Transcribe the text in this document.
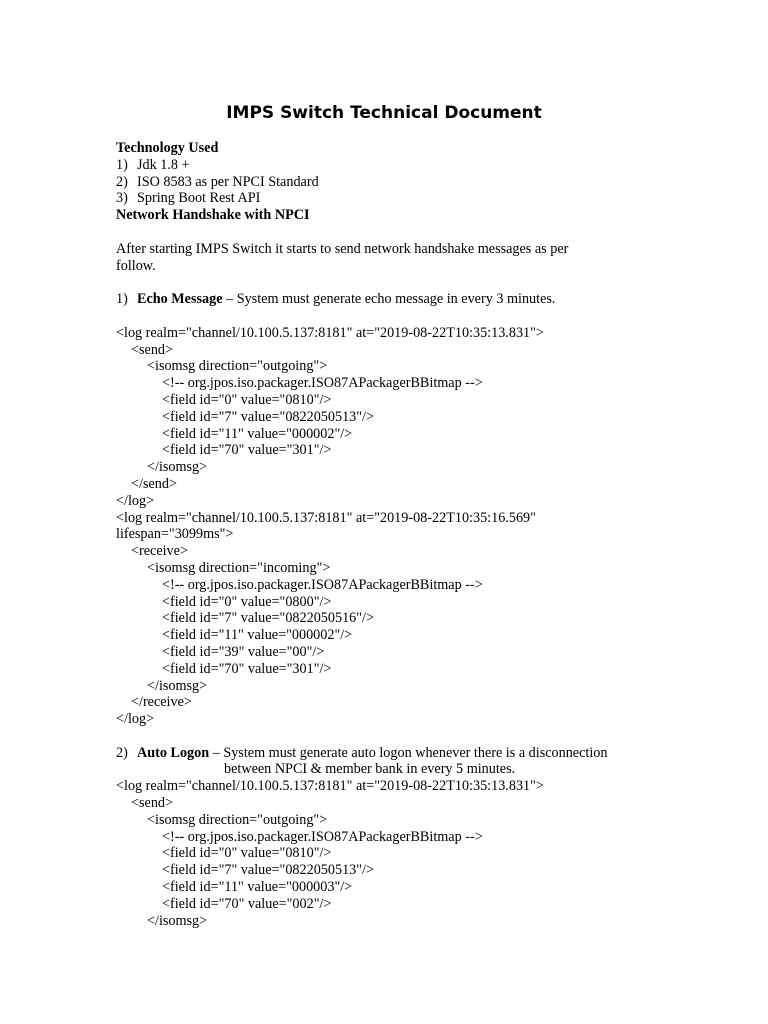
IMPS Switch Technical Document
Technology Used
1) Jdk 1.8 +
2) ISO 8583 as per NPCI Standard
3) Spring Boot Rest API
Network Handshake with NPCI
After starting IMPS Switch it starts to send network handshake messages as per
follow.
1) Echo Message – System must generate echo message in every 3 minutes.
<log realm="channel/10.100.5.137:8181" at="2019-08-22T10:35:13.831">
<send>
<isomsg direction="outgoing">
<!-- org.jpos.iso.packager.ISO87APackagerBBitmap -->
<field id="0" value="0810"/>
<field id="7" value="0822050513"/>
<field id="11" value="000002"/>
<field id="70" value="301"/>
</isomsg>
</send>
</log>
<log realm="channel/10.100.5.137:8181" at="2019-08-22T10:35:16.569"
lifespan="3099ms">
<receive>
<isomsg direction="incoming">
<!-- org.jpos.iso.packager.ISO87APackagerBBitmap -->
<field id="0" value="0800"/>
<field id="7" value="0822050516"/>
<field id="11" value="000002"/>
<field id="39" value="00"/>
<field id="70" value="301"/>
</isomsg>
</receive>
</log>
2) Auto Logon – System must generate auto logon whenever there is a disconnection
between NPCI & member bank in every 5 minutes.
<log realm="channel/10.100.5.137:8181" at="2019-08-22T10:35:13.831">
<send>
<isomsg direction="outgoing">
<!-- org.jpos.iso.packager.ISO87APackagerBBitmap -->
<field id="0" value="0810"/>
<field id="7" value="0822050513"/>
<field id="11" value="000003"/>
<field id="70" value="002"/>
</isomsg>
